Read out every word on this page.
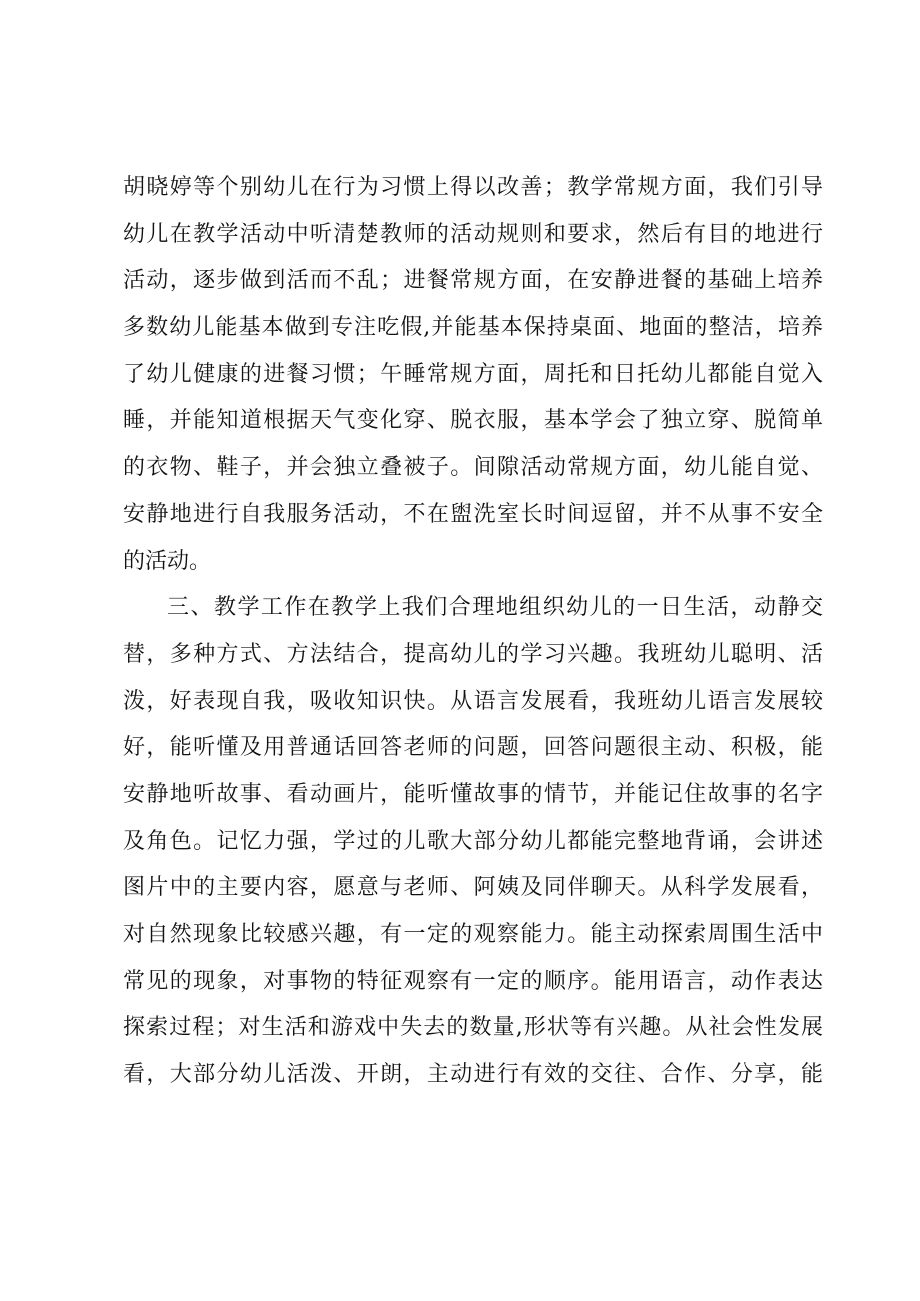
胡晓婷等个别幼儿在行为习惯上得以改善；教学常规方面，我们引导
幼儿在教学活动中听清楚教师的活动规则和要求，然后有目的地进行
活动，逐步做到活而不乱；进餐常规方面，在安静进餐的基础上培养
多数幼儿能基本做到专注吃假,并能基本保持桌面、地面的整洁，培养
了幼儿健康的进餐习惯；午睡常规方面，周托和日托幼儿都能自觉入
睡，并能知道根据天气变化穿、脱衣服，基本学会了独立穿、脱简单
的衣物、鞋子，并会独立叠被子。间隙活动常规方面，幼儿能自觉、
安静地进行自我服务活动，不在盥洗室长时间逗留，并不从事不安全
的活动。
三、教学工作在教学上我们合理地组织幼儿的一日生活，动静交
替，多种方式、方法结合，提高幼儿的学习兴趣。我班幼儿聪明、活
泼，好表现自我，吸收知识快。从语言发展看，我班幼儿语言发展较
好，能听懂及用普通话回答老师的问题，回答问题很主动、积极，能
安静地听故事、看动画片，能听懂故事的情节，并能记住故事的名字
及角色。记忆力强，学过的儿歌大部分幼儿都能完整地背诵，会讲述
图片中的主要内容，愿意与老师、阿姨及同伴聊天。从科学发展看，
对自然现象比较感兴趣，有一定的观察能力。能主动探索周围生活中
常见的现象，对事物的特征观察有一定的顺序。能用语言，动作表达
探索过程；对生活和游戏中失去的数量,形状等有兴趣。从社会性发展
看，大部分幼儿活泼、开朗，主动进行有效的交往、合作、分享，能
